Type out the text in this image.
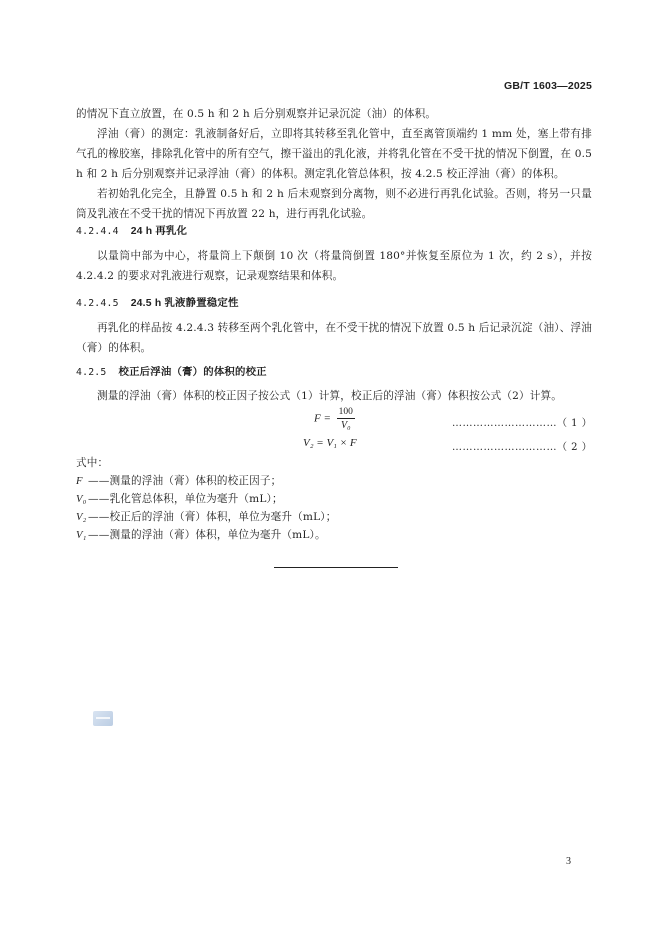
GB/T 1603—2025
的情况下直立放置，在 0.5 h 和 2 h 后分别观察并记录沉淀（油）的体积。
浮油（膏）的测定：乳液制备好后，立即将其转移至乳化管中，直至离管顶端约 1 mm 处，塞上带有排气孔的橡胶塞，排除乳化管中的所有空气，擦干溢出的乳化液，并将乳化管在不受干扰的情况下倒置，在 0.5 h 和 2 h 后分别观察并记录浮油（膏）的体积。测定乳化管总体积，按 4.2.5 校正浮油（膏）的体积。
若初始乳化完全，且静置 0.5 h 和 2 h 后未观察到分离物，则不必进行再乳化试验。否则，将另一只量筒及乳液在不受干扰的情况下再放置 22 h，进行再乳化试验。
4.2.4.4 24 h 再乳化
以量筒中部为中心，将量筒上下颠倒 10 次（将量筒倒置 180°并恢复至原位为 1 次，约 2 s），并按 4.2.4.2 的要求对乳液进行观察，记录观察结果和体积。
4.2.4.5 24.5 h 乳液静置稳定性
再乳化的样品按 4.2.4.3 转移至两个乳化管中，在不受干扰的情况下放置 0.5 h 后记录沉淀（油）、浮油（膏）的体积。
4.2.5 校正后浮油（膏）的体积的校正
测量的浮油（膏）体积的校正因子按公式（1）计算，校正后的浮油（膏）体积按公式（2）计算。
$F = \frac{100}{\text{V₀}}$	…………………………（ 1 ）
V₂ = V₁ × F	…………………………（ 2 ）
式中：
F ——测量的浮油（膏）体积的校正因子；
V₀ ——乳化管总体积，单位为毫升（mL）；
V₂ ——校正后的浮油（膏）体积，单位为毫升（mL）；
V₁ ——测量的浮油（膏）体积，单位为毫升（mL）。
3
